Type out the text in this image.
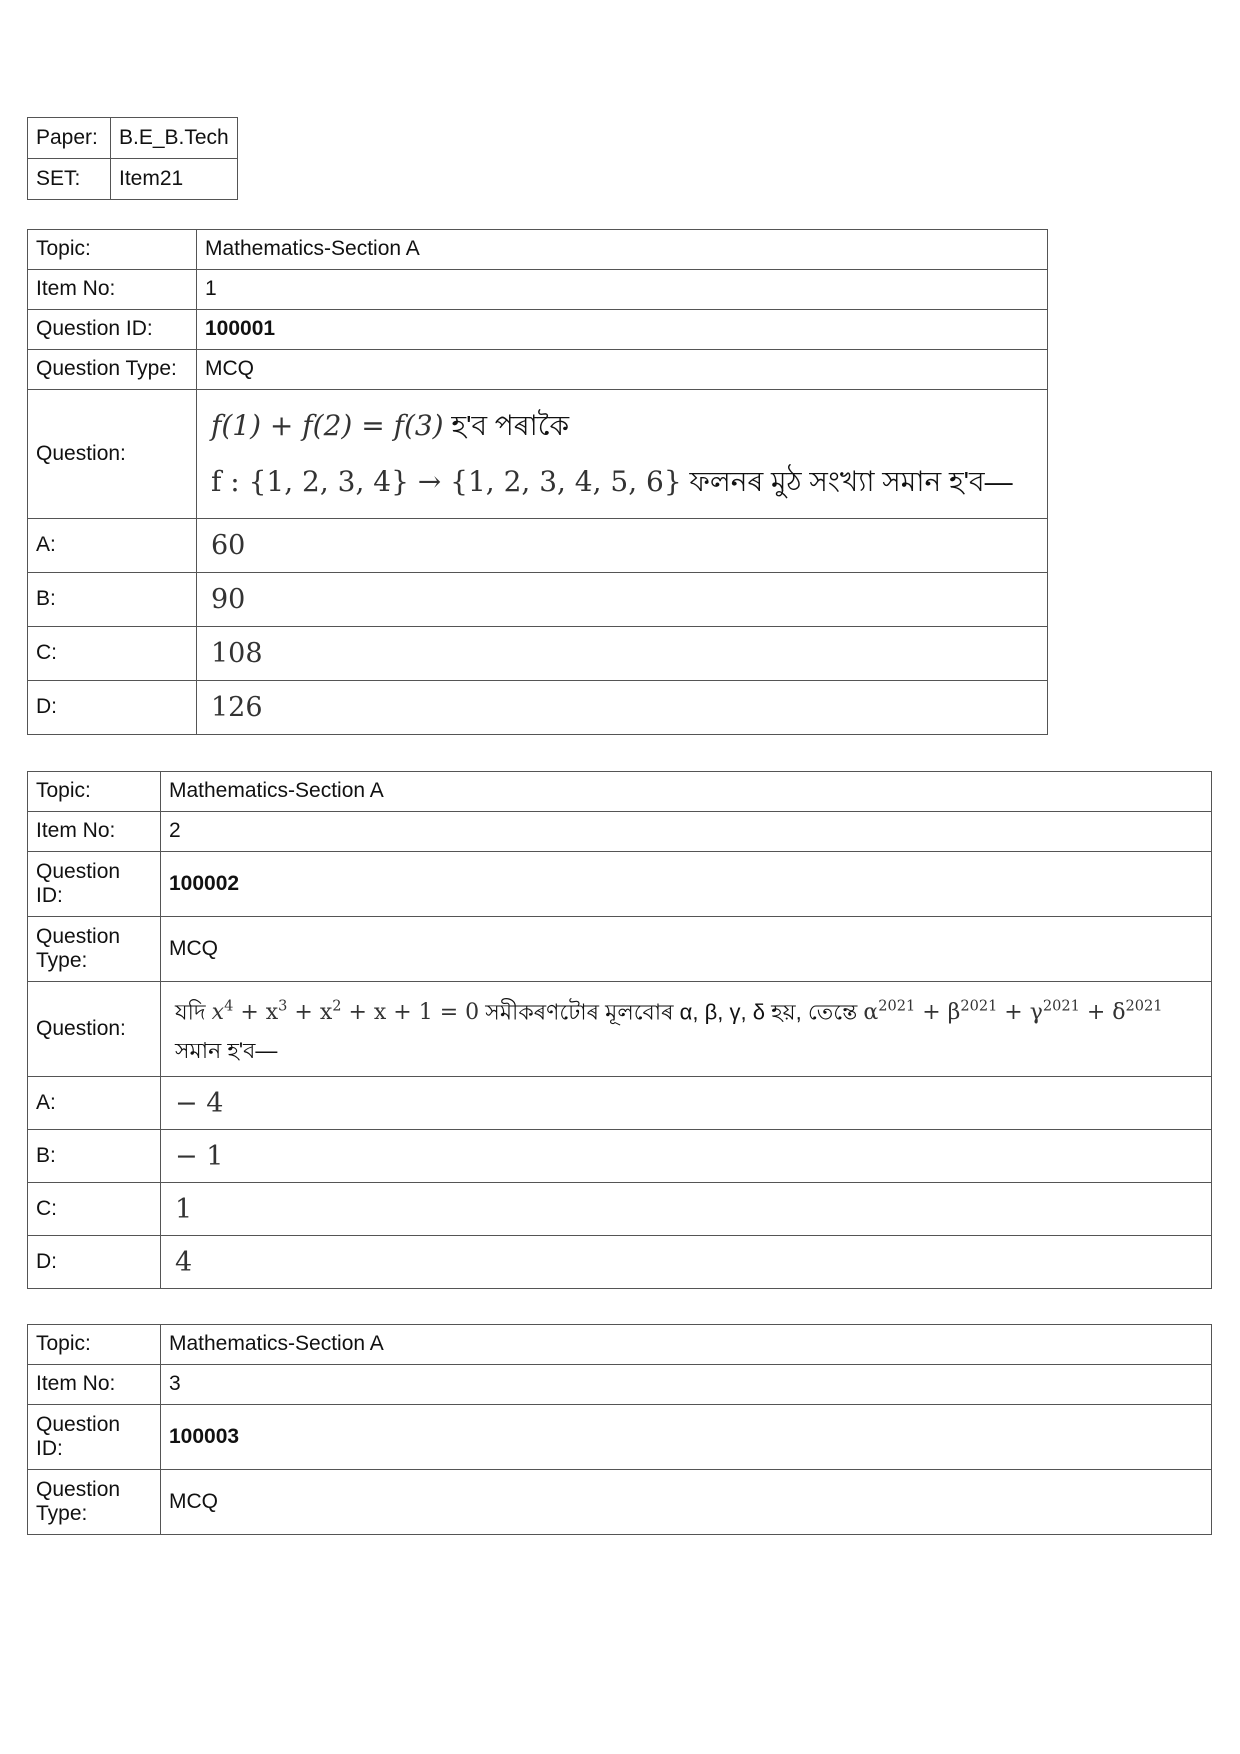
Paper:	B.E_B.Tech
SET:	Item21
Topic:	Mathematics-Section A
Item No:	1
Question ID:	100001
Question Type:	MCQ
Question:	f(1) + f(2) = f(3) হ'ব পৰাকৈ
f : {1, 2, 3, 4} → {1, 2, 3, 4, 5, 6} ফলনৰ মুঠ সংখ্যা সমান হ'ব—

A:	60
B:	90
C:	108
D:	126
Topic:	Mathematics-Section A
Item No:	2

Question
ID:	100002

Question
Type:	MCQ
Question:	যদি $x^4 + x^3 + x^2 + x + 1 = 0$ সমীকৰণটোৰ মূলবোৰ α, β, γ, δ হয়, তেন্তে $\alpha^{2021} + \beta^{2021} + \gamma^{2021} + \delta^{2021}$
সমান হ'ব—

A:	− 4
B:	− 1
C:	1
D:	4
Topic:	Mathematics-Section A
Item No:	3

Question
ID:	100003

Question
Type:	MCQ
